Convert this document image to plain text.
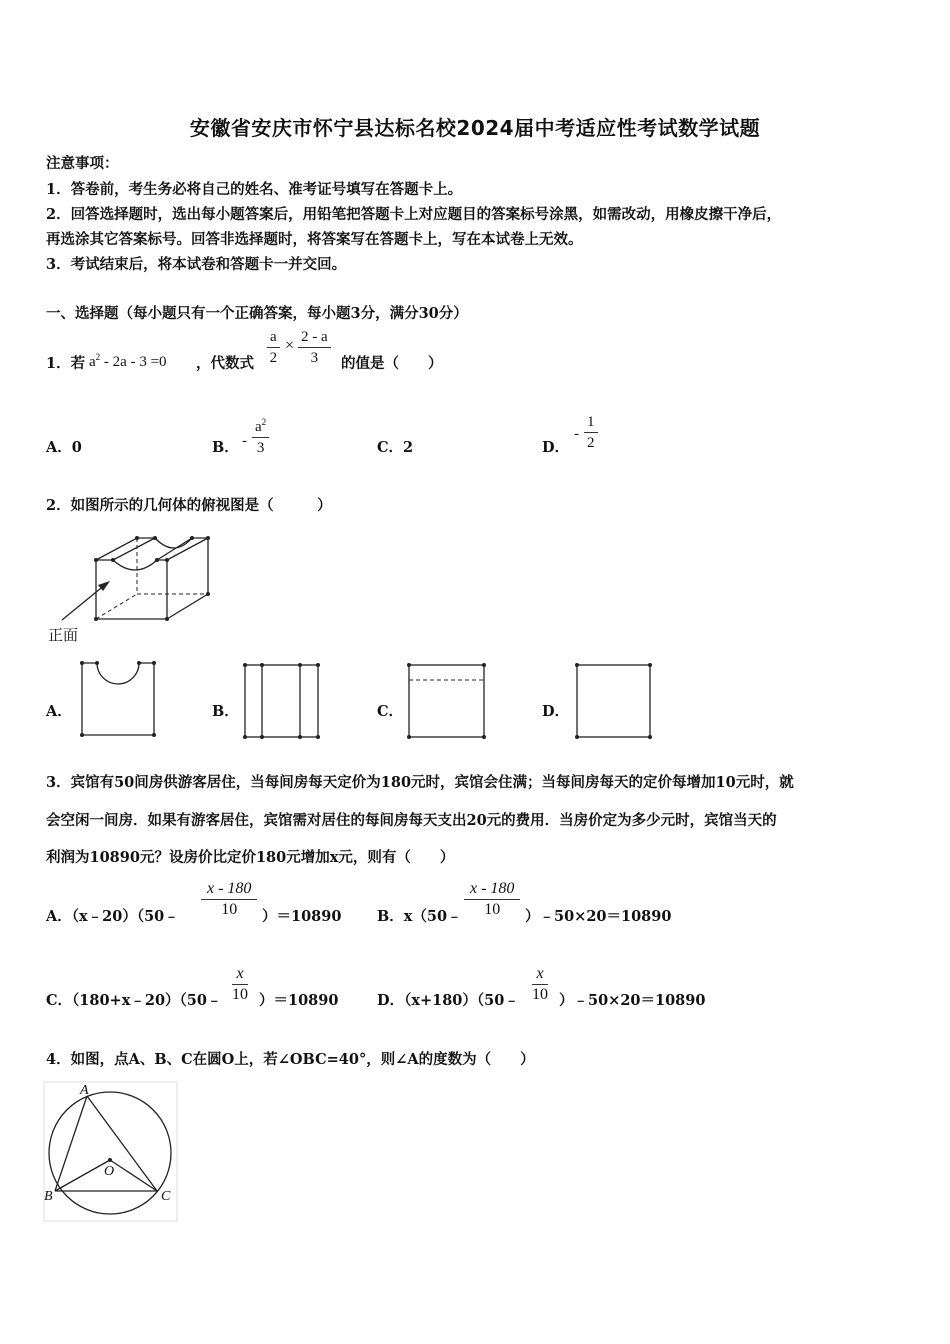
安徽省安庆市怀宁县达标名校2024届中考适应性考试数学试题
注意事项：
1．答卷前，考生务必将自己的姓名、准考证号填写在答题卡上。
2．回答选择题时，选出每小题答案后，用铅笔把答题卡上对应题目的答案标号涂黑，如需改动，用橡皮擦干净后，
再选涂其它答案标号。回答非选择题时，将答案写在答题卡上，写在本试卷上无效。
3．考试结束后，将本试卷和答题卡一并交回。
一、选择题（每小题只有一个正确答案，每小题3分，满分30分）
1．若 $a^2 - 2a - 3 =0$ ，代数式 $\frac{a}{2} \times \frac{2 - a}{3}$ 的值是（　　）
A．0	B． - $\frac{a^2}{3}$	C．2	D．
- $\frac{1}{2}$
2．如图所示的几何体的俯视图是（　　　）
正面
A．	B．	C．	D．
3．宾馆有50间房供游客居住，当每间房每天定价为180元时，宾馆会住满；当每间房每天的定价每增加10元时，就
会空闲一间房．如果有游客居住，宾馆需对居住的每间房每天支出20元的费用．当房价定为多少元时，宾馆当天的
利润为10890元？设房价比定价180元增加x元，则有（　　）
A．（x﹣20）（50﹣ $\frac{x - 180}{10} )=10890$ B．x（50﹣ $\frac{x - 180}{10}$ ）﹣50×20＝10890
C．（180+x﹣20）（50﹣ $\frac{x}{10} )=10890$	D．（x+180）（50﹣ $\frac{x}{10}$ ）﹣50×20＝10890
4．如图，点A、B、C在圆O上，若∠OBC=40°，则∠A的度数为（　　）
A
B	C
O
